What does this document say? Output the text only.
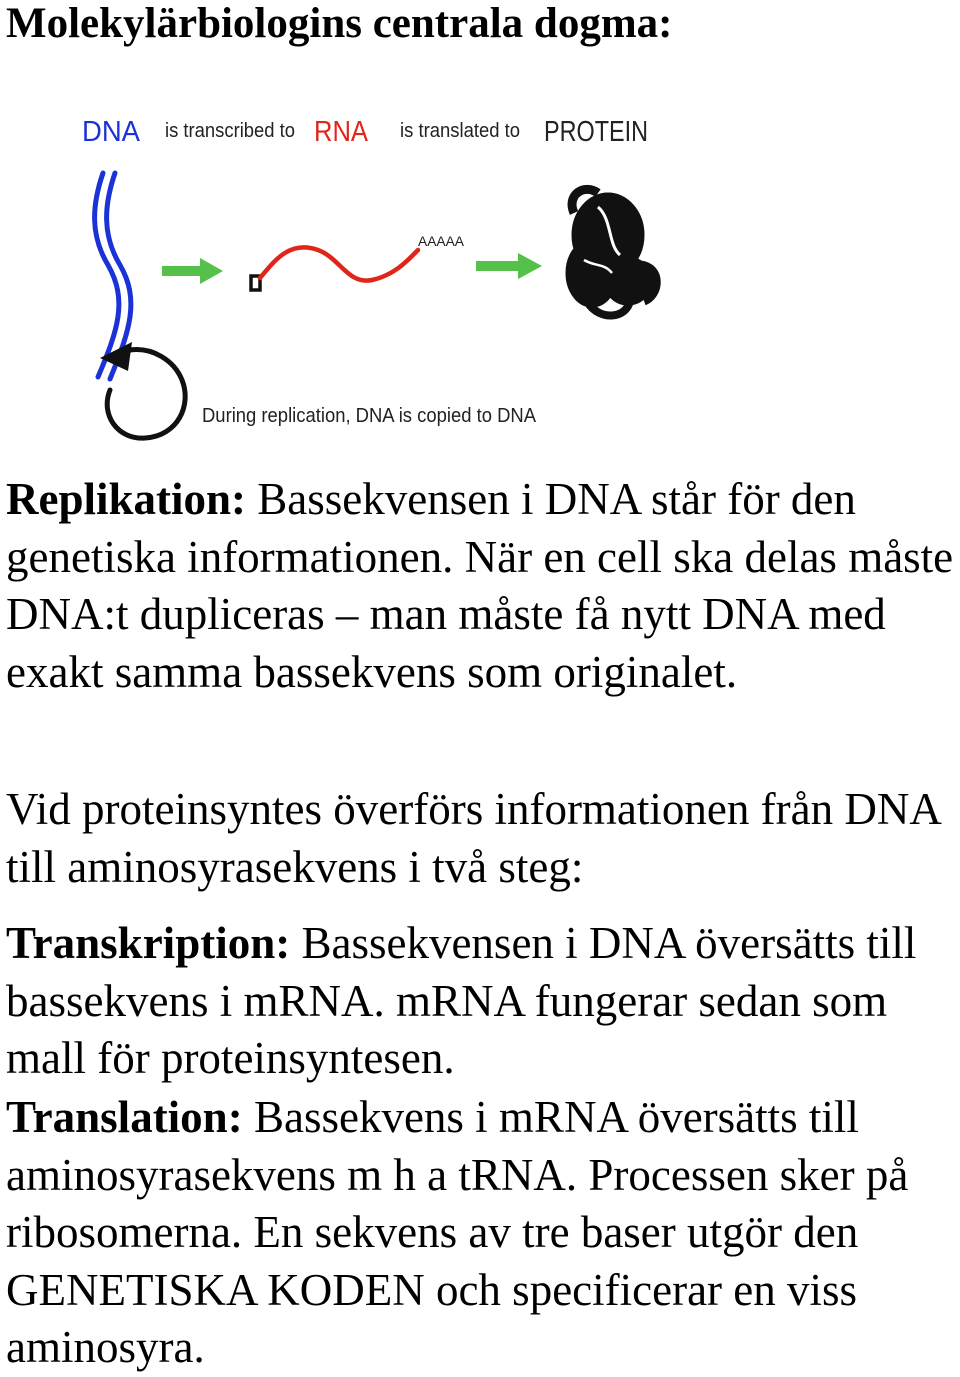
Molekylärbiologins centrala dogma:
DNA is transcribed to RNA is translated to PROTEIN
AAAAA
During replication, DNA is copied to DNA

Replikation: Bassekvensen i DNA står för den genetiska informationen. När en cell ska delas måste DNA:t dupliceras – man måste få nytt DNA med exakt samma bassekvens som originalet.

Vid proteinsyntes överförs informationen från DNA till aminosyrasekvens i två steg:

Transkription: Bassekvensen i DNA översätts till bassekvens i mRNA. mRNA fungerar sedan som mall för proteinsyntesen.

Translation: Bassekvens i mRNA översätts till aminosyrasekvens m h a tRNA. Processen sker på ribosomerna. En sekvens av tre baser utgör den GENETISKA KODEN och specificerar en viss aminosyra.
